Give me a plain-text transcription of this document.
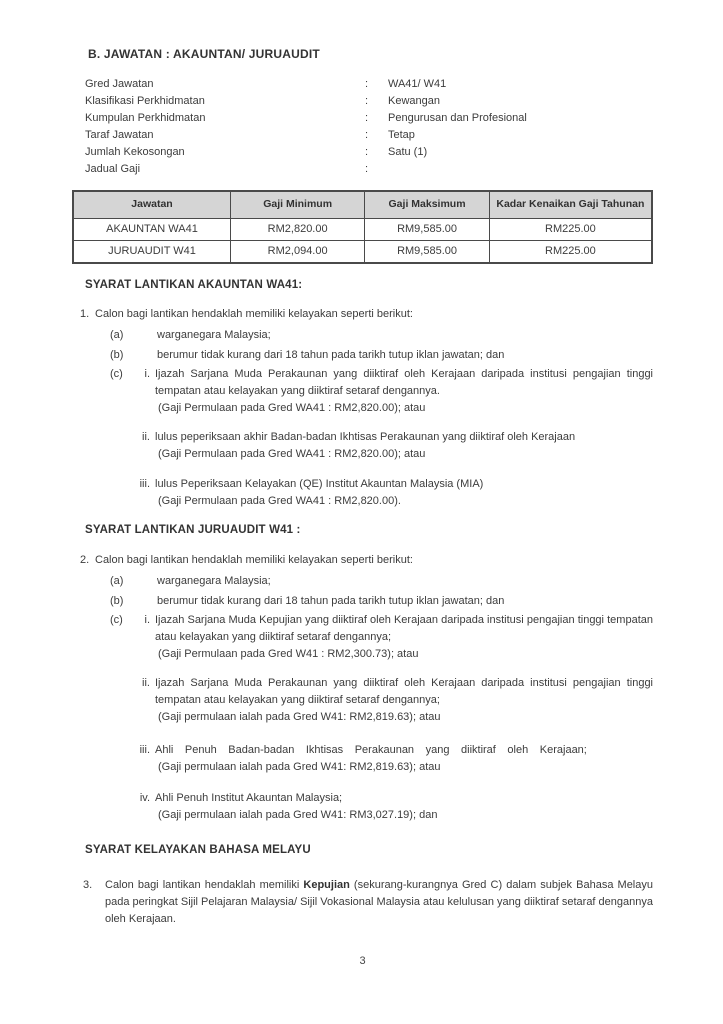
B. JAWATAN : AKAUNTAN/ JURUAUDIT
Gred Jawatan	:	WA41/ W41
Klasifikasi Perkhidmatan	:	Kewangan
Kumpulan Perkhidmatan	:	Pengurusan dan Profesional
Taraf Jawatan	:	Tetap
Jumlah Kekosongan	:	Satu (1)
Jadual Gaji	:
Jawatan	Gaji Minimum	Gaji Maksimum	Kadar Kenaikan Gaji Tahunan
AKAUNTAN WA41	RM2,820.00	RM9,585.00	RM225.00
JURUAUDIT W41	RM2,094.00	RM9,585.00	RM225.00
SYARAT LANTIKAN AKAUNTAN WA41:
1. Calon bagi lantikan hendaklah memiliki kelayakan seperti berikut:
(a)	warganegara Malaysia;
(b)	berumur tidak kurang dari 18 tahun pada tarikh tutup iklan jawatan; dan
(c)	i. Ijazah Sarjana Muda Perakaunan yang diiktiraf oleh Kerajaan daripada institusi pengajian tinggi tempatan atau kelayakan yang diiktiraf setaraf dengannya.

(Gaji Permulaan pada Gred WA41 : RM2,820.00); atau

ii. lulus peperiksaan akhir Badan-badan Ikhtisas Perakaunan yang diiktiraf oleh Kerajaan

(Gaji Permulaan pada Gred WA41 : RM2,820.00); atau

iii. lulus Peperiksaan Kelayakan (QE) Institut Akauntan Malaysia (MIA)

(Gaji Permulaan pada Gred WA41 : RM2,820.00).

SYARAT LANTIKAN JURUAUDIT W41 :
2. Calon bagi lantikan hendaklah memiliki kelayakan seperti berikut:
(a)	warganegara Malaysia;
(b)	berumur tidak kurang dari 18 tahun pada tarikh tutup iklan jawatan; dan
(c)	i. Ijazah Sarjana Muda Kepujian yang diiktiraf oleh Kerajaan daripada institusi pengajian tinggi tempatan atau kelayakan yang diiktiraf setaraf dengannya;

(Gaji Permulaan pada Gred W41 : RM2,300.73); atau

ii. Ijazah Sarjana Muda Perakaunan yang diiktiraf oleh Kerajaan daripada institusi pengajian tinggi tempatan atau kelayakan yang diiktiraf setaraf dengannya;

(Gaji permulaan ialah pada Gred W41: RM2,819.63); atau

iii. Ahli Penuh Badan-badan Ikhtisas Perakaunan yang diiktiraf oleh Kerajaan;

(Gaji permulaan ialah pada Gred W41: RM2,819.63); atau

iv. Ahli Penuh Institut Akauntan Malaysia;

(Gaji permulaan ialah pada Gred W41: RM3,027.19); dan

SYARAT KELAYAKAN BAHASA MELAYU
3.	Calon bagi lantikan hendaklah memiliki Kepujian (sekurang-kurangnya Gred C) dalam subjek Bahasa Melayu pada peringkat Sijil Pelajaran Malaysia/ Sijil Vokasional Malaysia atau kelulusan yang diiktiraf setaraf dengannya oleh Kerajaan.
3
